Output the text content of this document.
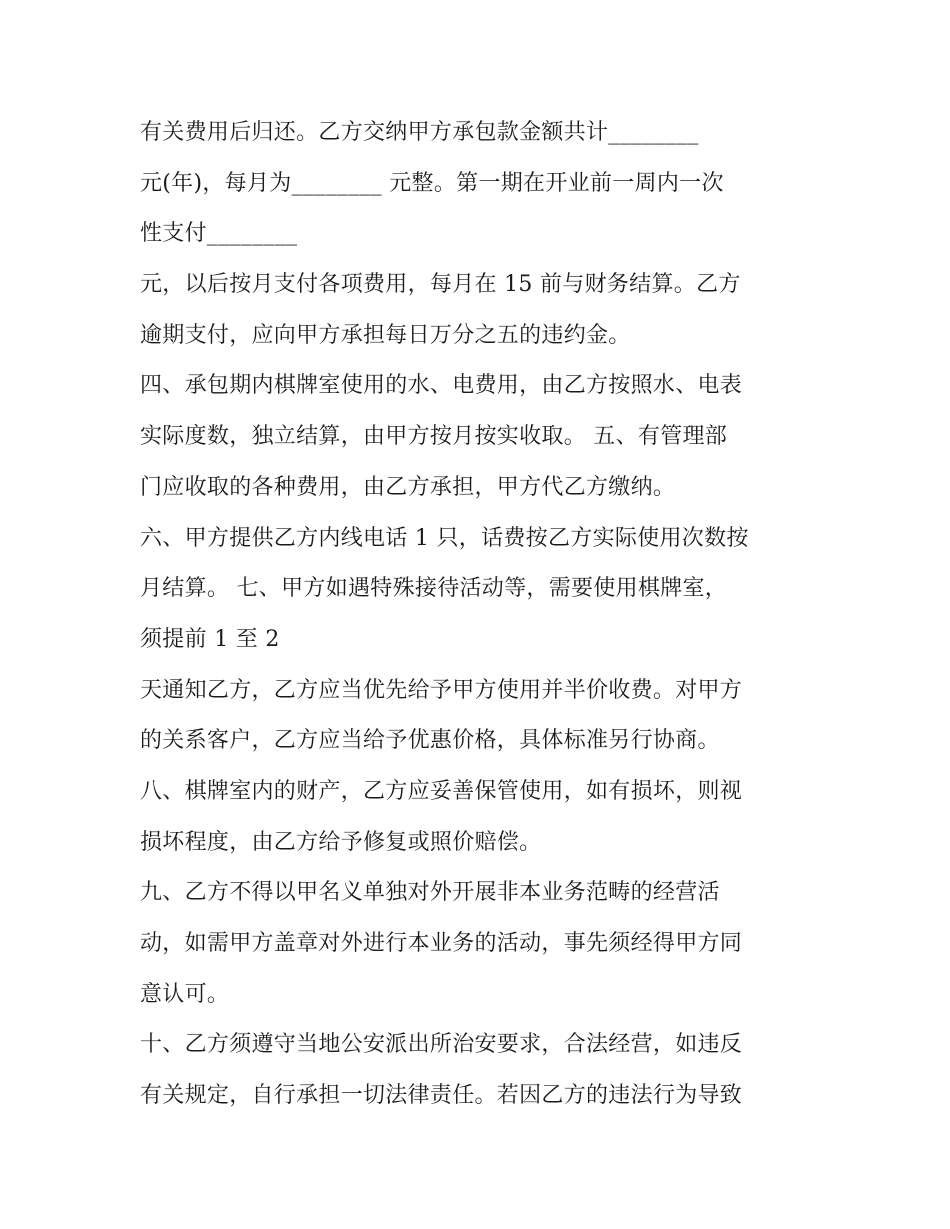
有关费用后归还。乙方交纳甲方承包款金额共计________
元(年)，每月为________ 元整。第一期在开业前一周内一次
性支付________
元，以后按月支付各项费用，每月在 15 前与财务结算。乙方
逾期支付，应向甲方承担每日万分之五的违约金。
四、承包期内棋牌室使用的水、电费用，由乙方按照水、电表
实际度数，独立结算，由甲方按月按实收取。 五、有管理部
门应收取的各种费用，由乙方承担，甲方代乙方缴纳。
六、甲方提供乙方内线电话 1 只，话费按乙方实际使用次数按
月结算。 七、甲方如遇特殊接待活动等，需要使用棋牌室，
须提前 1 至 2
天通知乙方，乙方应当优先给予甲方使用并半价收费。对甲方
的关系客户，乙方应当给予优惠价格，具体标准另行协商。
八、棋牌室内的财产，乙方应妥善保管使用，如有损坏，则视
损坏程度，由乙方给予修复或照价赔偿。
九、乙方不得以甲名义单独对外开展非本业务范畴的经营活
动，如需甲方盖章对外进行本业务的活动，事先须经得甲方同
意认可。
十、乙方须遵守当地公安派出所治安要求，合法经营，如违反
有关规定，自行承担一切法律责任。若因乙方的违法行为导致
